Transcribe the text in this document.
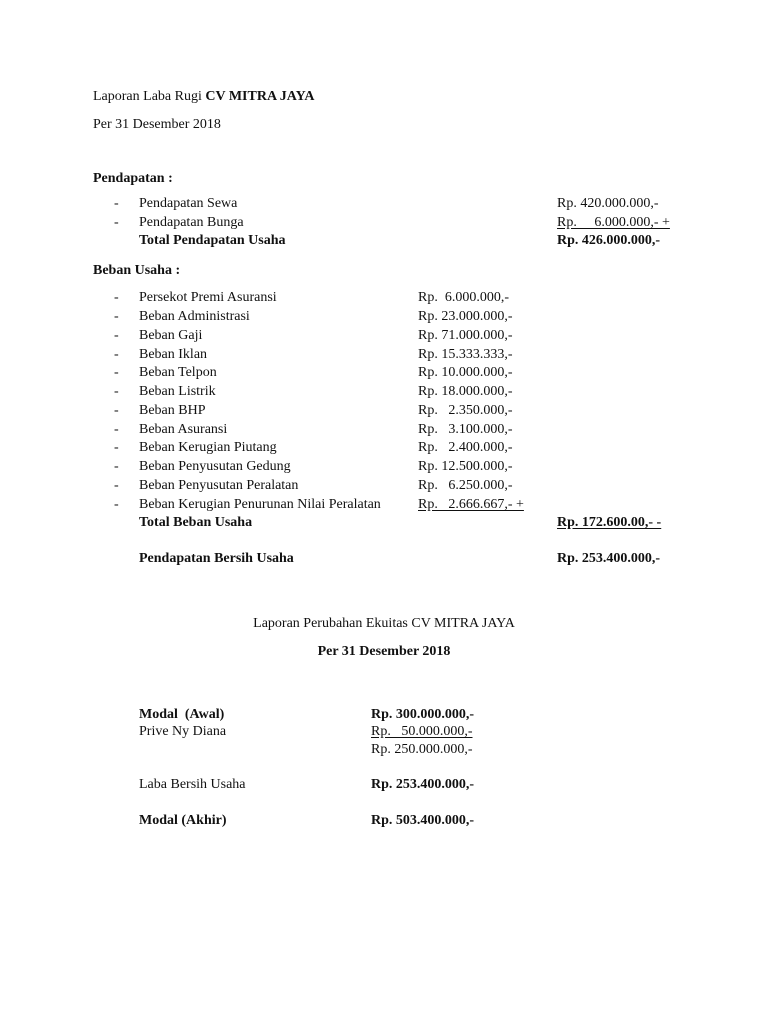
Laporan Laba Rugi CV MITRA JAYA
Per 31 Desember 2018
Pendapatan :
- Pendapatan Sewa	Rp. 420.000.000,-
- Pendapatan Bunga	Rp.     6.000.000,- +
Total Pendapatan Usaha	Rp. 426.000.000,-
Beban Usaha :
- Persekot Premi Asuransi	Rp.  6.000.000,-
- Beban Administrasi	Rp. 23.000.000,-
- Beban Gaji	Rp. 71.000.000,-
- Beban Iklan	Rp. 15.333.333,-
- Beban Telpon	Rp. 10.000.000,-
- Beban Listrik	Rp. 18.000.000,-
- Beban BHP	Rp.   2.350.000,-
- Beban Asuransi	Rp.   3.100.000,-
- Beban Kerugian Piutang	Rp.   2.400.000,-
- Beban Penyusutan Gedung	Rp. 12.500.000,-
- Beban Penyusutan Peralatan	Rp.   6.250.000,-
- Beban Kerugian Penurunan Nilai Peralatan	Rp.   2.666.667,- +
Total Beban Usaha	Rp. 172.600.00,- -
Pendapatan Bersih Usaha	Rp. 253.400.000,-
Laporan Perubahan Ekuitas CV MITRA JAYA
Per 31 Desember 2018
Modal  (Awal)	Rp. 300.000.000,-
Prive Ny Diana	Rp.   50.000.000,-
Rp. 250.000.000,-
Laba Bersih Usaha	Rp. 253.400.000,-
Modal (Akhir)	Rp. 503.400.000,-
